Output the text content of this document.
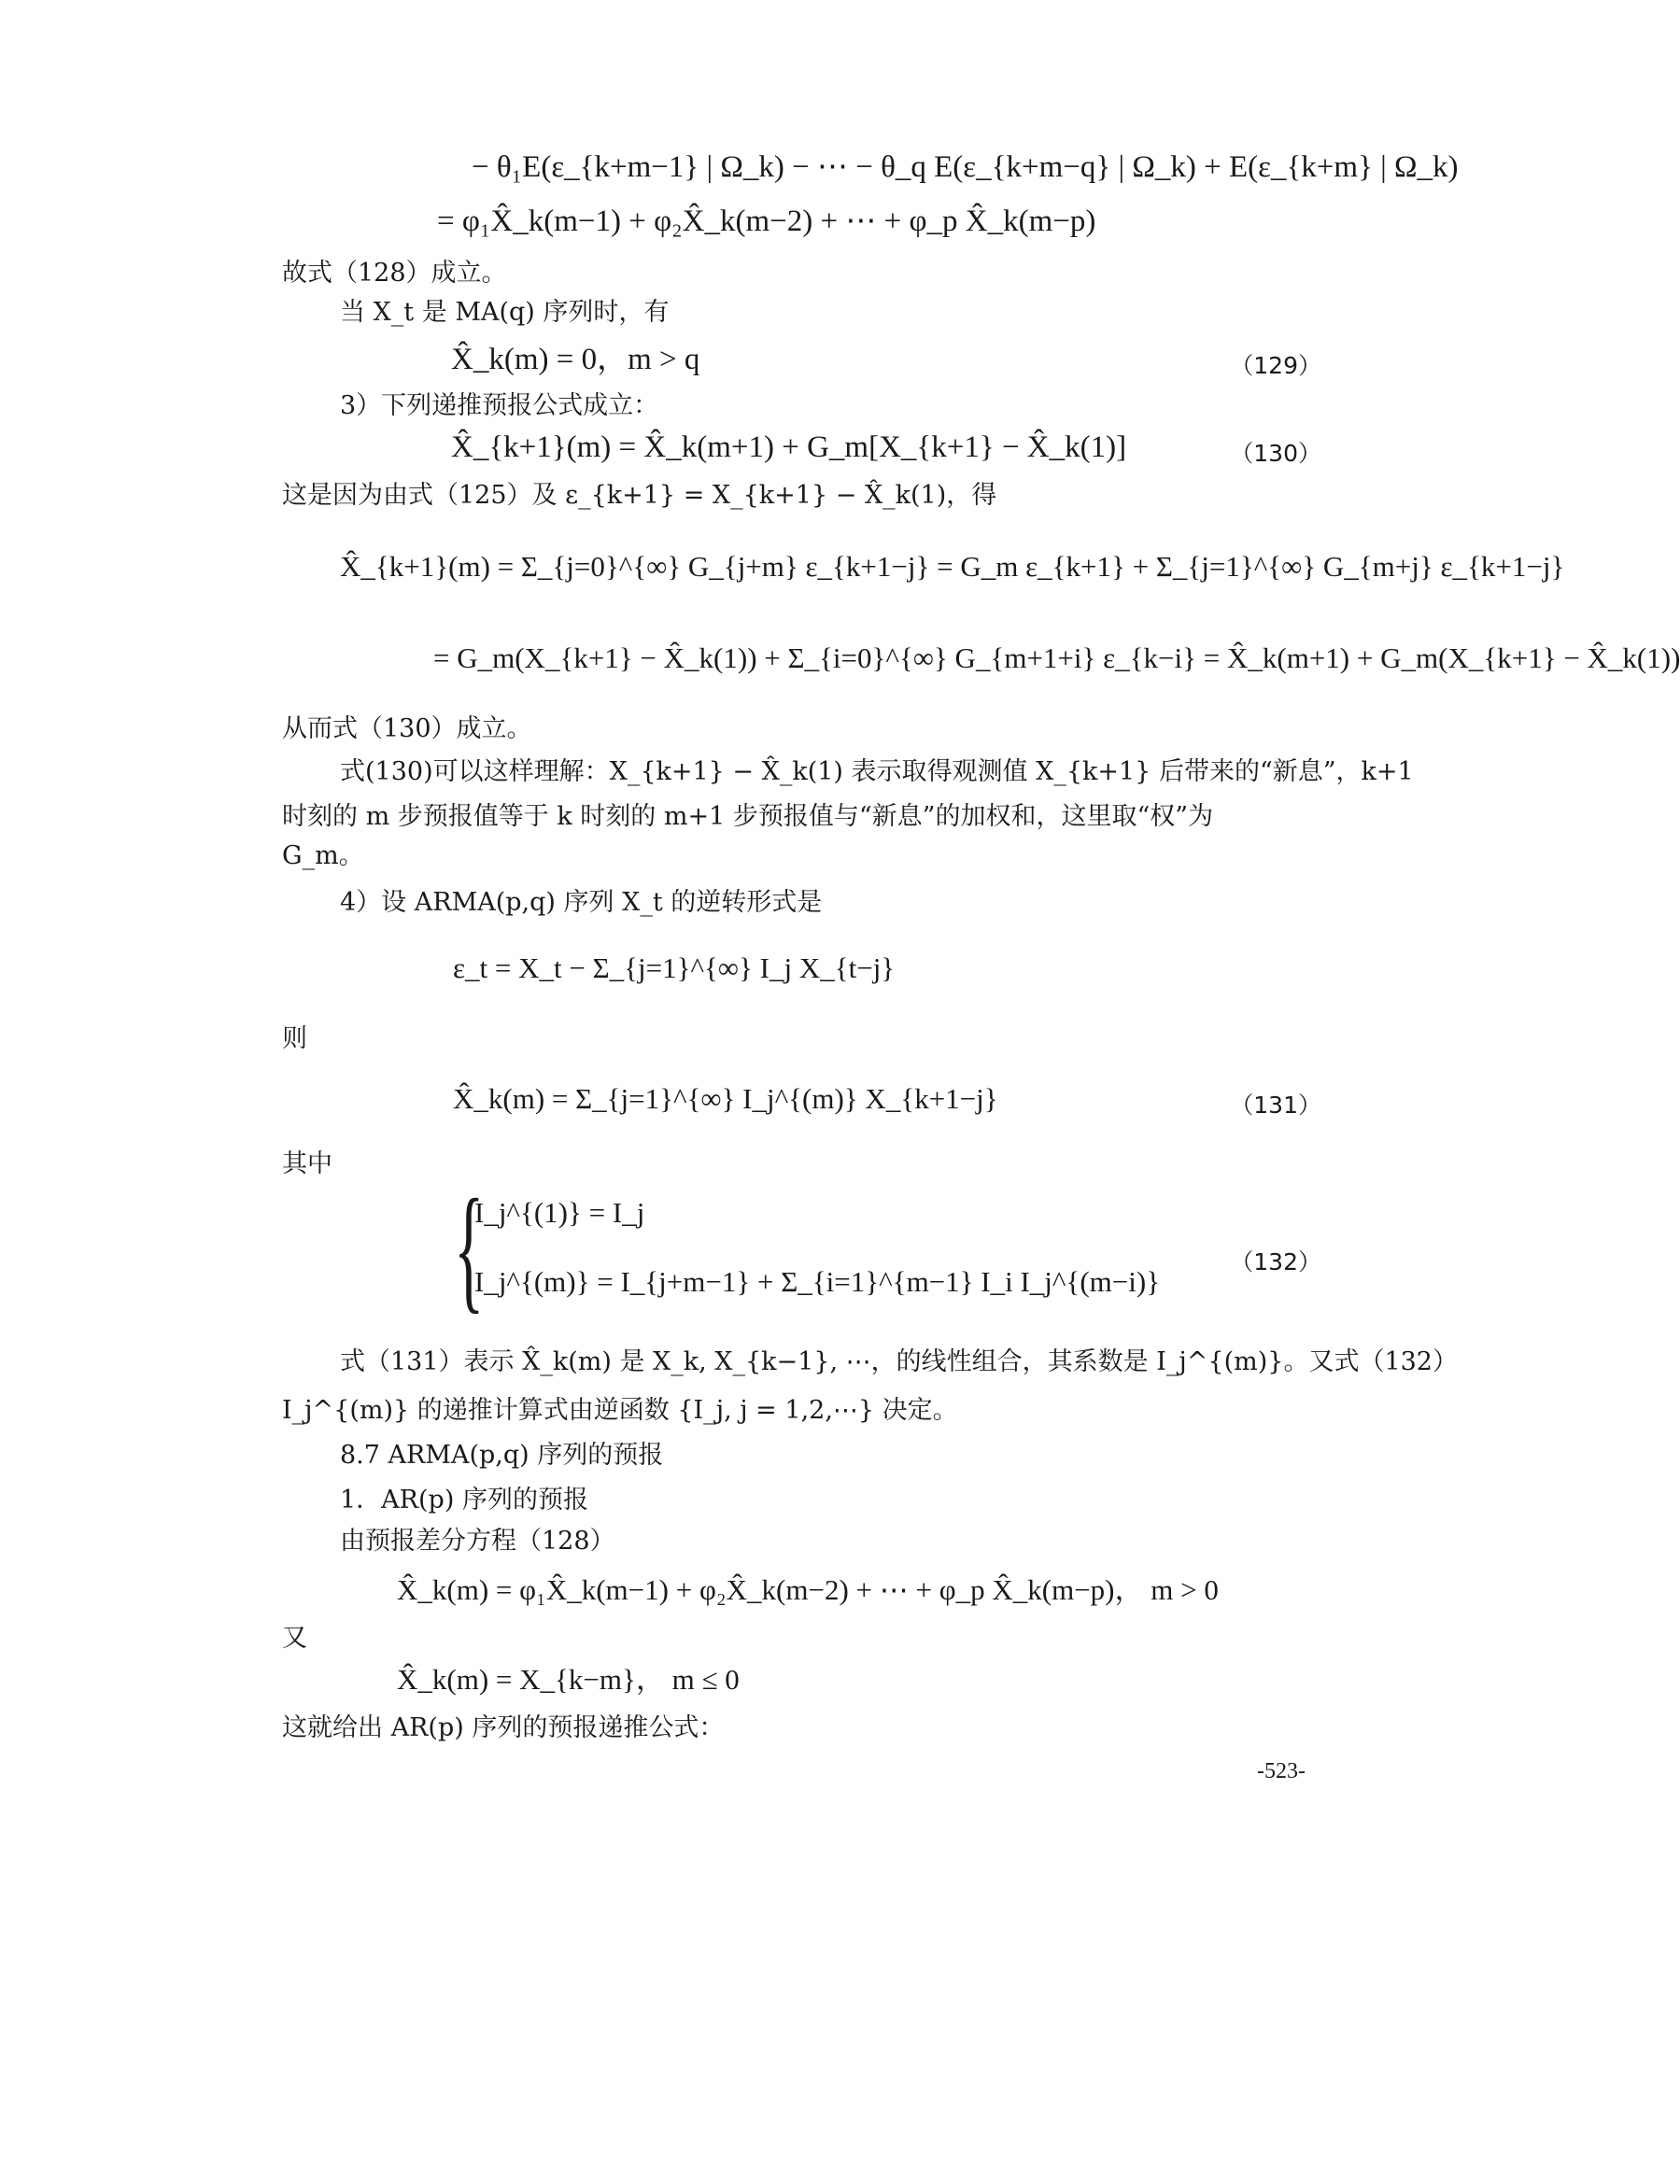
− θ₁E(ε_{k+m−1} | Ω_k) − ⋯ − θ_q E(ε_{k+m−q} | Ω_k) + E(ε_{k+m} | Ω_k)
= φ₁X̂_k(m−1) + φ₂X̂_k(m−2) + ⋯ + φ_p X̂_k(m−p)
故式（128）成立。
当 X_t 是 MA(q) 序列时，有
X̂_k(m) = 0，m > q	（129）
3）下列递推预报公式成立：
X̂_{k+1}(m) = X̂_k(m+1) + G_m[X_{k+1} − X̂_k(1)]	（130）
这是因为由式（125）及 ε_{k+1} = X_{k+1} − X̂_k(1)，得
X̂_{k+1}(m) = Σ_{j=0}^{∞} G_{j+m} ε_{k+1−j} = G_m ε_{k+1} + Σ_{j=1}^{∞} G_{m+j} ε_{k+1−j}
= G_m(X_{k+1} − X̂_k(1)) + Σ_{i=0}^{∞} G_{m+1+i} ε_{k−i} = X̂_k(m+1) + G_m(X_{k+1} − X̂_k(1))
从而式（130）成立。
式(130)可以这样理解：X_{k+1} − X̂_k(1) 表示取得观测值 X_{k+1} 后带来的“新息”，k+1
时刻的 m 步预报值等于 k 时刻的 m+1 步预报值与“新息”的加权和，这里取“权”为
G_m。
4）设 ARMA(p,q) 序列 X_t 的逆转形式是
ε_t = X_t − Σ_{j=1}^{∞} I_j X_{t−j}
则
X̂_k(m) = Σ_{j=1}^{∞} I_j^{(m)} X_{k+1−j}	（131）
其中
{
I_j^{(1)} = I_j
I_j^{(m)} = I_{j+m−1} + Σ_{i=1}^{m−1} I_i I_j^{(m−i)}
（132）
式（131）表示 X̂_k(m) 是 X_k, X_{k−1}, ⋯，的线性组合，其系数是 I_j^{(m)}。又式（132）
I_j^{(m)} 的递推计算式由逆函数 {I_j, j = 1,2,⋯} 决定。
8.7 ARMA(p,q) 序列的预报
1．AR(p) 序列的预报
由预报差分方程（128）
X̂_k(m) = φ₁X̂_k(m−1) + φ₂X̂_k(m−2) + ⋯ + φ_p X̂_k(m−p)， m > 0
又
X̂_k(m) = X_{k−m}， m ≤ 0
这就给出 AR(p) 序列的预报递推公式：
-523-
